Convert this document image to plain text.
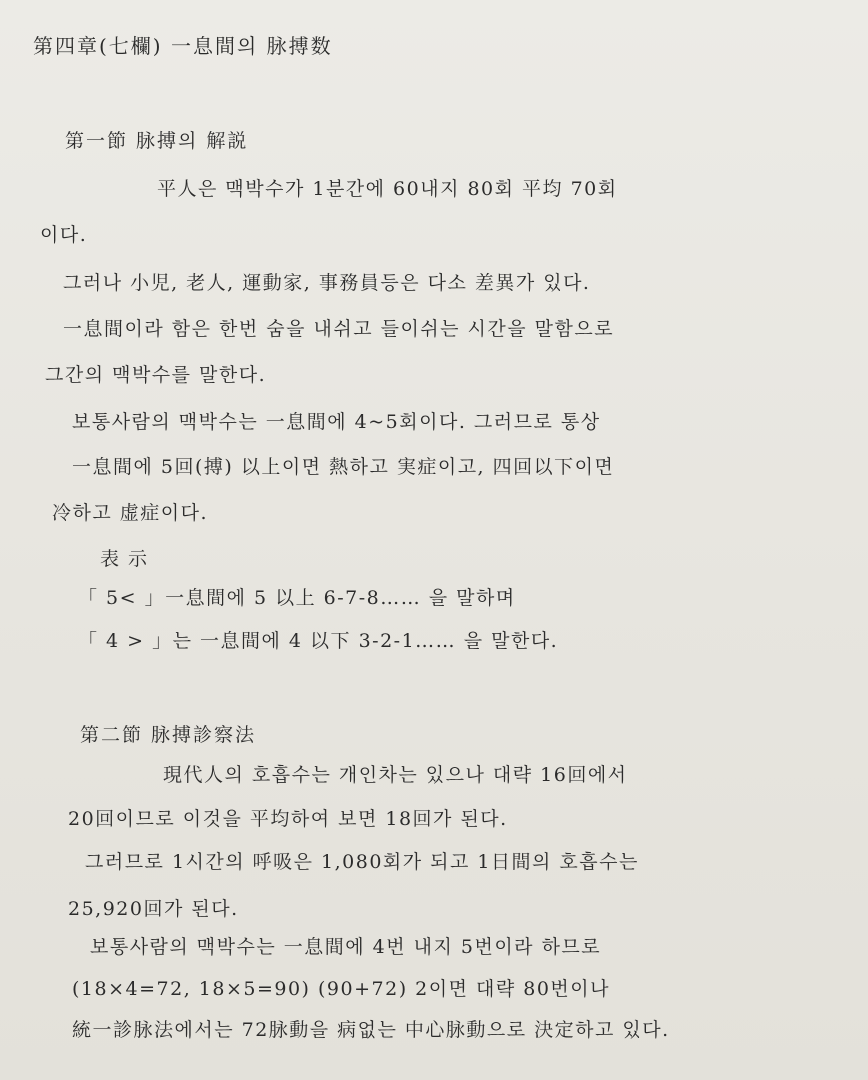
第四章(七欄) 一息間의 脉搏数
第一節 脉搏의 解説
平人은 맥박수가 1분간에 60내지 80회 平均 70회
이다.
그러나 小児, 老人, 運動家, 事務員등은 다소 差異가 있다.
一息間이라 함은 한번 숨을 내쉬고 들이쉬는 시간을 말함으로
그간의 맥박수를 말한다.
보통사람의 맥박수는 一息間에 4~5회이다. 그러므로 통상
一息間에 5回(搏) 以上이면 熱하고 実症이고, 四回以下이면
冷하고 虚症이다.
表 示
「 5< 」一息間에 5 以上 6-7-8…… 을 말하며
「 4 > 」는 一息間에 4 以下 3-2-1…… 을 말한다.
第二節 脉搏診察法
現代人의 호흡수는 개인차는 있으나 대략 16回에서
20回이므로 이것을 平均하여 보면 18回가 된다.
그러므로 1시간의 呼吸은 1,080회가 되고 1日間의 호흡수는
25,920回가 된다.
보통사람의 맥박수는 一息間에 4번 내지 5번이라 하므로
(18×4=72, 18×5=90) (90+72) 2이면 대략 80번이나
統一診脉法에서는 72脉動을 病없는 中心脉動으로 決定하고 있다.
